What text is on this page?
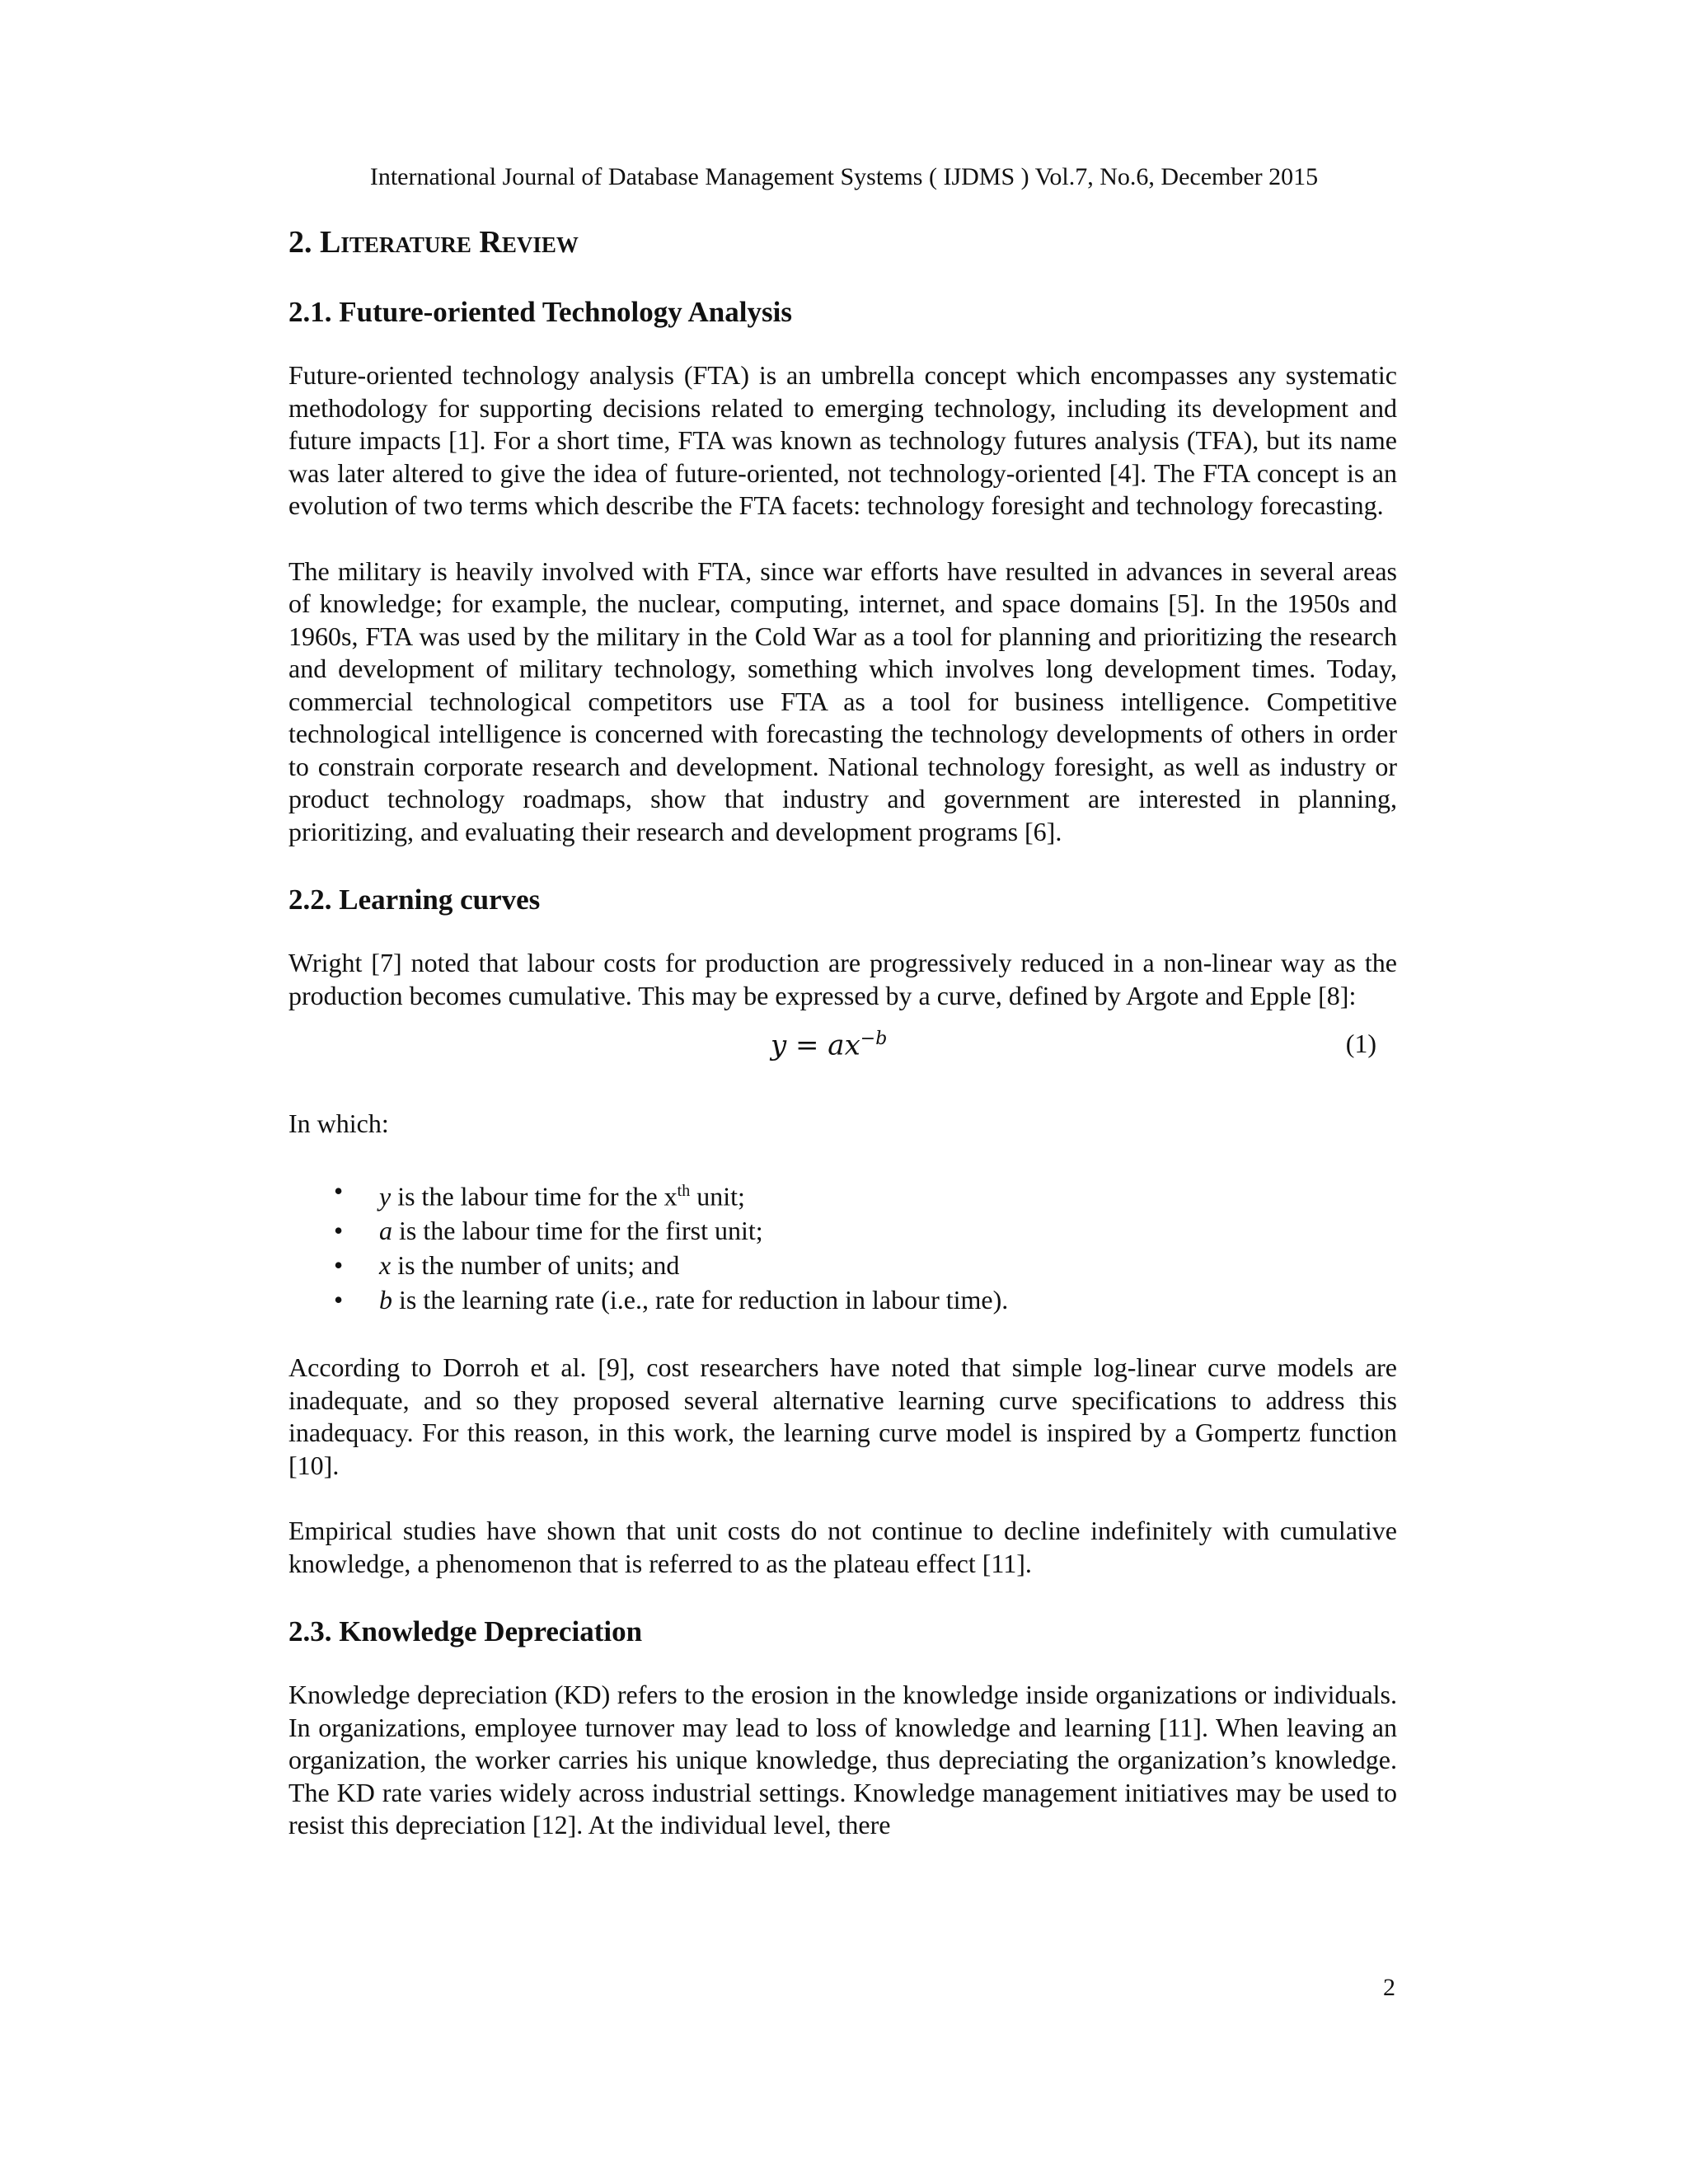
International Journal of Database Management Systems ( IJDMS ) Vol.7, No.6, December 2015
2. Literature Review
2.1. Future-oriented Technology Analysis

Future-oriented technology analysis (FTA) is an umbrella concept which encompasses any systematic methodology for supporting decisions related to emerging technology, including its development and future impacts [1]. For a short time, FTA was known as technology futures analysis (TFA), but its name was later altered to give the idea of future-oriented, not technology-oriented [4]. The FTA concept is an evolution of two terms which describe the FTA facets: technology foresight and technology forecasting.

The military is heavily involved with FTA, since war efforts have resulted in advances in several areas of knowledge; for example, the nuclear, computing, internet, and space domains [5]. In the 1950s and 1960s, FTA was used by the military in the Cold War as a tool for planning and prioritizing the research and development of military technology, something which involves long development times. Today, commercial technological competitors use FTA as a tool for business intelligence. Competitive technological intelligence is concerned with forecasting the technology developments of others in order to constrain corporate research and development. National technology foresight, as well as industry or product technology roadmaps, show that industry and government are interested in planning, prioritizing, and evaluating their research and development programs [6].

2.2. Learning curves

Wright [7] noted that labour costs for production are progressively reduced in a non-linear way as the production becomes cumulative. This may be expressed by a curve, defined by Argote and Epple [8]:

$y = ax^{-b}$	(1)

In which:

• y is the labour time for the $x^{th}$ unit;
• a is the labour time for the first unit;
• x is the number of units; and
• b is the learning rate (i.e., rate for reduction in labour time).

According to Dorroh et al. [9], cost researchers have noted that simple log-linear curve models are inadequate, and so they proposed several alternative learning curve specifications to address this inadequacy. For this reason, in this work, the learning curve model is inspired by a Gompertz function [10].

Empirical studies have shown that unit costs do not continue to decline indefinitely with cumulative knowledge, a phenomenon that is referred to as the plateau effect [11].

2.3. Knowledge Depreciation

Knowledge depreciation (KD) refers to the erosion in the knowledge inside organizations or individuals. In organizations, employee turnover may lead to loss of knowledge and learning [11]. When leaving an organization, the worker carries his unique knowledge, thus depreciating the organization’s knowledge. The KD rate varies widely across industrial settings. Knowledge management initiatives may be used to resist this depreciation [12]. At the individual level, there

2
